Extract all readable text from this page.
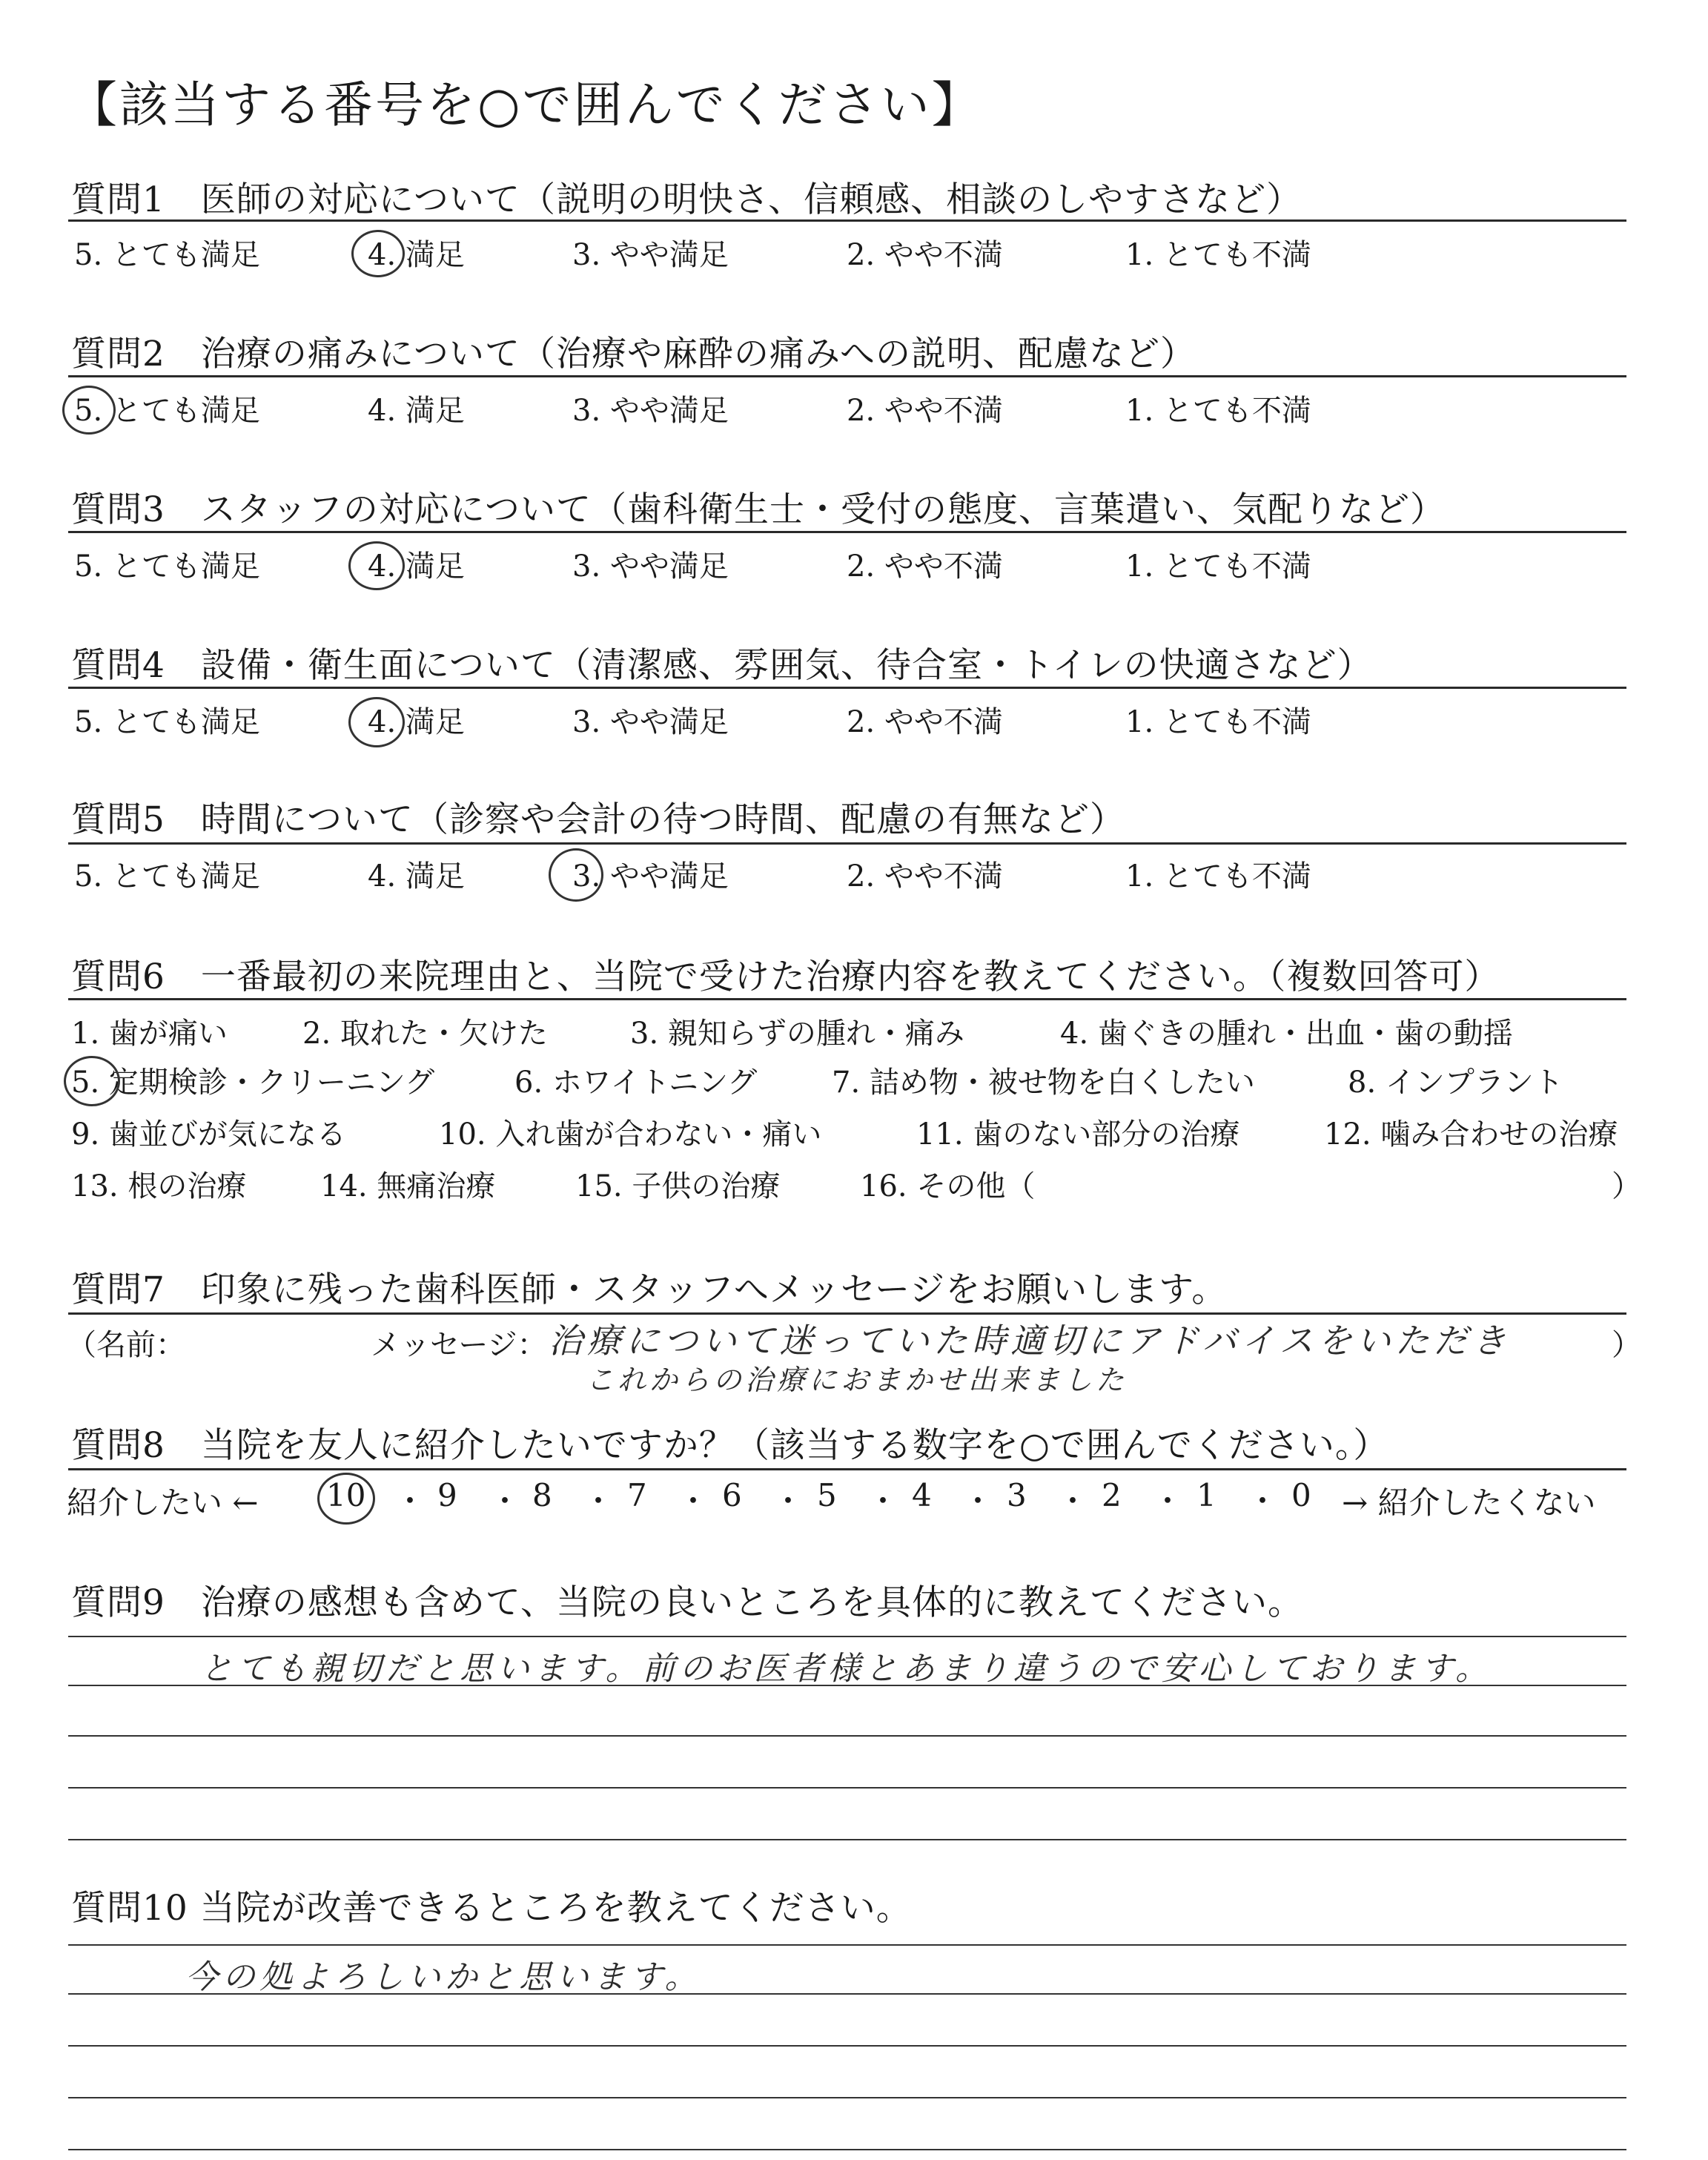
【該当する番号を○で囲んでください】
質問1　医師の対応について（説明の明快さ、信頼感、相談のしやすさなど）
5. とても満足	4. 満足	3. やや満足	2. やや不満	1. とても不満
質問2　治療の痛みについて（治療や麻酔の痛みへの説明、配慮など）
5. とても満足	4. 満足	3. やや満足	2. やや不満	1. とても不満
質問3　スタッフの対応について（歯科衛生士・受付の態度、言葉遣い、気配りなど）
5. とても満足	4. 満足	3. やや満足	2. やや不満	1. とても不満
質問4　設備・衛生面について（清潔感、雰囲気、待合室・トイレの快適さなど）
5. とても満足	4. 満足	3. やや満足	2. やや不満	1. とても不満
質問5　時間について（診察や会計の待つ時間、配慮の有無など）
5. とても満足	4. 満足	3. やや満足	2. やや不満	1. とても不満
質問6　一番最初の来院理由と、当院で受けた治療内容を教えてください。（複数回答可）
1. 歯が痛い	2. 取れた・欠けた	3. 親知らずの腫れ・痛み	4. 歯ぐきの腫れ・出血・歯の動揺
5. 定期検診・クリーニング	6. ホワイトニング	7. 詰め物・被せ物を白くしたい	8. インプラント
9. 歯並びが気になる	10. 入れ歯が合わない・痛い	11. 歯のない部分の治療	12. 噛み合わせの治療
13. 根の治療 14. 無痛治療	15. 子供の治療	16. その他（	）
質問7　印象に残った歯科医師・スタッフへメッセージをお願いします。
（名前：	メッセージ：	）
治療について迷っていた時適切にアドバイスをいただき
これからの治療におまかせ出来ました
質問8　当院を友人に紹介したいですか？（該当する数字を○で囲んでください。）
紹介したい ← 10 ・ 9 ・ 8 ・ 7 ・ 6 ・ 5 ・ 4 ・ 3 ・ 2 ・ 1 ・ 0 → 紹介したくない
質問9　治療の感想も含めて、当院の良いところを具体的に教えてください。
とても親切だと思います。前のお医者様とあまり違うので安心しております。
質問10 当院が改善できるところを教えてください。
今の処よろしいかと思います。
